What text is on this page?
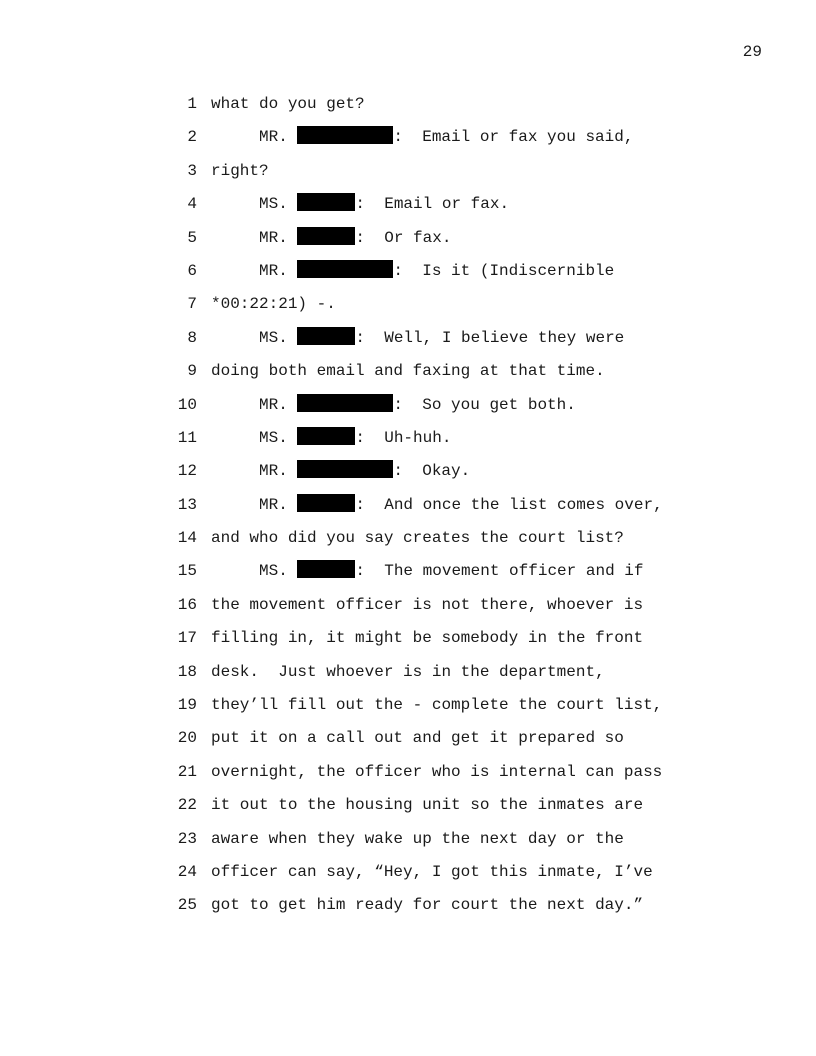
29

1

what do you get?

2

	MR.	:  Email or fax you said,

3

right?

4

	MS.	:  Email or fax.

5

	MR.	:  Or fax.

6

	MR.	:  Is it (Indiscernible

7

*00:22:21) -.

8

	MS.	:  Well, I believe they were

9

doing both email and faxing at that time.

10

	MR.	:  So you get both.

11

	MS.	:  Uh-huh.

12

	MR.	:  Okay.

13

	MR.	:  And once the list comes over,

14

and who did you say creates the court list?

15

	MS.	:  The movement officer and if

16

the movement officer is not there, whoever is

17

filling in, it might be somebody in the front

18

desk.  Just whoever is in the department,

19

they’ll fill out the - complete the court list,

20

put it on a call out and get it prepared so

21

overnight, the officer who is internal can pass

22

it out to the housing unit so the inmates are

23

aware when they wake up the next day or the

24

officer can say, “Hey, I got this inmate, I’ve

25

got to get him ready for court the next day.”
